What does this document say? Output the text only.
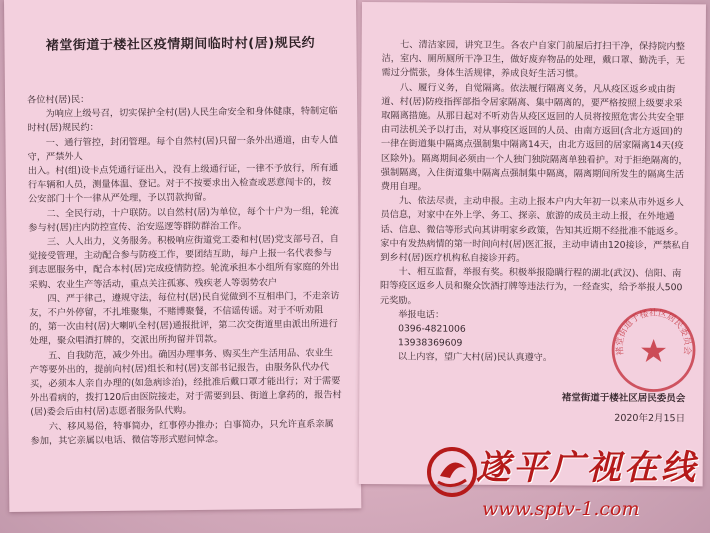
褚堂街道于楼社区疫情期间临时村(居)规民约

各位村(居)民：

为响应上级号召，切实保护全村(居)人民生命安全和身体健康，特制定临时村(居)规民约：

一、通行管控，封闭管理。每个自然村(居)只留一条外出通道，由专人值守，严禁外人

出入。村(组)设卡点凭通行证出入，没有上级通行证，一律不予放行，所有通行车辆和人员，测量体温、登记。对于不按要求出入检查或恶意闯卡的，按公安部门十个一律从严处理，予以罚款拘留。

二、全民行动，十户联防。以自然村(居)为单位，每个十户为一组，轮流参与村(居)庄内防控宣传、治安巡逻等群防群治工作。

三、人人出力，义务服务。积极响应街道党工委和村(居)党支部号召，自觉接受管理，主动配合参与防疫工作，要团结互助，每户上报一名代表参与到志愿服务中，配合本村(居)完成疫情防控。轮流承担本小组所有家庭的外出采购、农业生产等活动，重点关注孤寡、残疾老人等弱势农户

四、严于律己，遵规守法，每位村(居)民自觉做到不互相串门，不走亲访友，不户外停留，不扎堆聚集，不赌博聚餐，不信谣传谣。对于不听劝阻的，第一次由村(居)大喇叭全村(居)通报批评，第二次交街道里由派出所进行处理，聚众唱酒打牌的，交派出所拘留并罚款。

五、自我防范，减少外出。确因办理事务、购买生产生活用品、农业生产等要外出的，提前向村(居)组长和村(居)支部书记报告，由服务队代办代买，必须本人亲自办理的(如急病诊治)，经批准后戴口罩才能出行；对于需要外出看病的，拨打120后由医院接走，对于需要到县、街道上拿药的，报告村(居)委会后由村(居)志愿者服务队代购。

六、移风易俗，特事简办，红事停办推办；白事简办，只允许直系亲属参加，其它亲属以电话、微信等形式慰问悼念。

七、清洁家园，讲究卫生。各农户自家门前屋后打扫干净，保持院内整洁，室内、厕所厕所干净卫生，做好废弃物品的处理，戴口罩、勤洗手，无需过分慌张，身体生活规律，养成良好生活习惯。

八、履行义务，自觉隔离。依法履行隔离义务，凡从疫区返乡或由街道、村(居)防疫指挥部指令居家隔离、集中隔离的，要严格按照上级要求采取隔离措施。从那日起对不听劝告从疫区返回的人员将按照危害公共安全罪由司法机关予以打击，对从事疫区返回的人员、由南方返回(含北方返回)的一律在街道集中隔离点强制集中隔离14天，由北方返回的居家隔离14天(疫区除外)。隔离期间必须由一个人独门独院隔离单独看护。对于拒绝隔离的，强制隔离，入住街道集中隔离点强制集中隔离，隔离期间所发生的隔离生活费用自理。

九、依法尽责，主动申报。主动上报本户内大年初一以来从市外返乡人员信息，对家中在外上学、务工、探亲、旅游的成员主动上报，在外地通话、信息、微信等形式向其讲明家乡政策，告知其近期不经批准不能返乡。家中有发热病情的第一时间向村(居)医汇报，主动申请由120接诊，严禁私自到乡村(居)医疗机构私自接诊开药。

十、相互监督，举报有奖。积极举报隐瞒行程的湖北(武汉)、信阳、南阳等疫区返乡人员和聚众饮酒打牌等违法行为，一经查实，给予举报人500元奖励。

举报电话：

0396-4821006

13938369609

以上内容，望广大村(居)民认真遵守。

褚堂街道于楼社区居民委员会
褚堂街道于楼社区居民委员会
2020年2月15日
遂平广视在线
www.sptv-1.com
